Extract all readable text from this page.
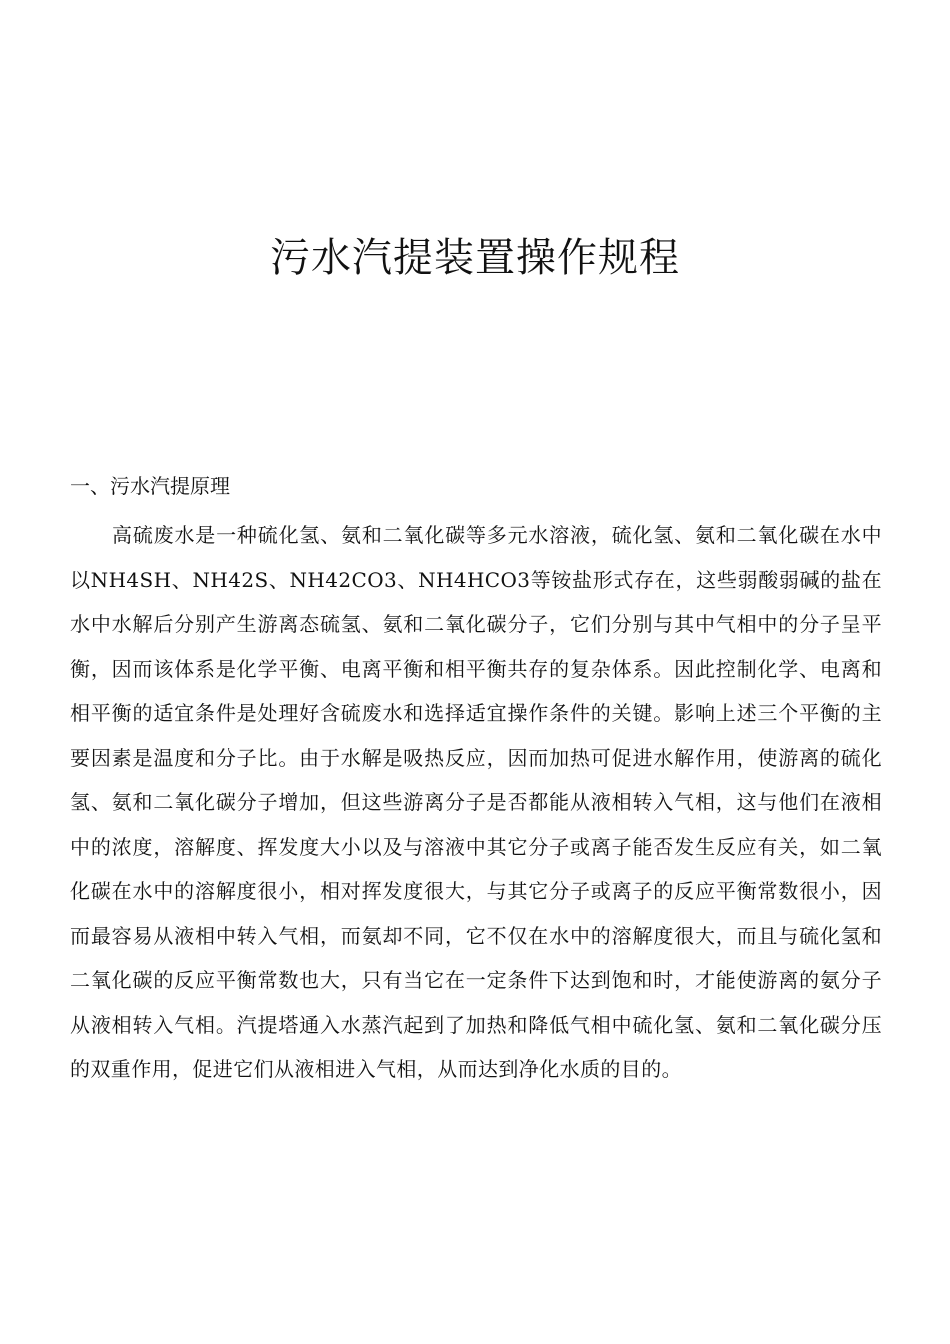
污水汽提装置操作规程
一、污水汽提原理

高硫废水是一种硫化氢、氨和二氧化碳等多元水溶液，硫化氢、氨和二氧化碳在水中以NH4SH、NH42S、NH42CO3、NH4HCO3等铵盐形式存在，这些弱酸弱碱的盐在水中水解后分别产生游离态硫氢、氨和二氧化碳分子，它们分别与其中气相中的分子呈平衡，因而该体系是化学平衡、电离平衡和相平衡共存的复杂体系。因此控制化学、电离和相平衡的适宜条件是处理好含硫废水和选择适宜操作条件的关键。影响上述三个平衡的主要因素是温度和分子比。由于水解是吸热反应，因而加热可促进水解作用，使游离的硫化氢、氨和二氧化碳分子增加，但这些游离分子是否都能从液相转入气相，这与他们在液相中的浓度，溶解度、挥发度大小以及与溶液中其它分子或离子能否发生反应有关，如二氧化碳在水中的溶解度很小，相对挥发度很大，与其它分子或离子的反应平衡常数很小，因而最容易从液相中转入气相，而氨却不同，它不仅在水中的溶解度很大，而且与硫化氢和二氧化碳的反应平衡常数也大，只有当它在一定条件下达到饱和时，才能使游离的氨分子从液相转入气相。汽提塔通入水蒸汽起到了加热和降低气相中硫化氢、氨和二氧化碳分压的双重作用，促进它们从液相进入气相，从而达到净化水质的目的。
